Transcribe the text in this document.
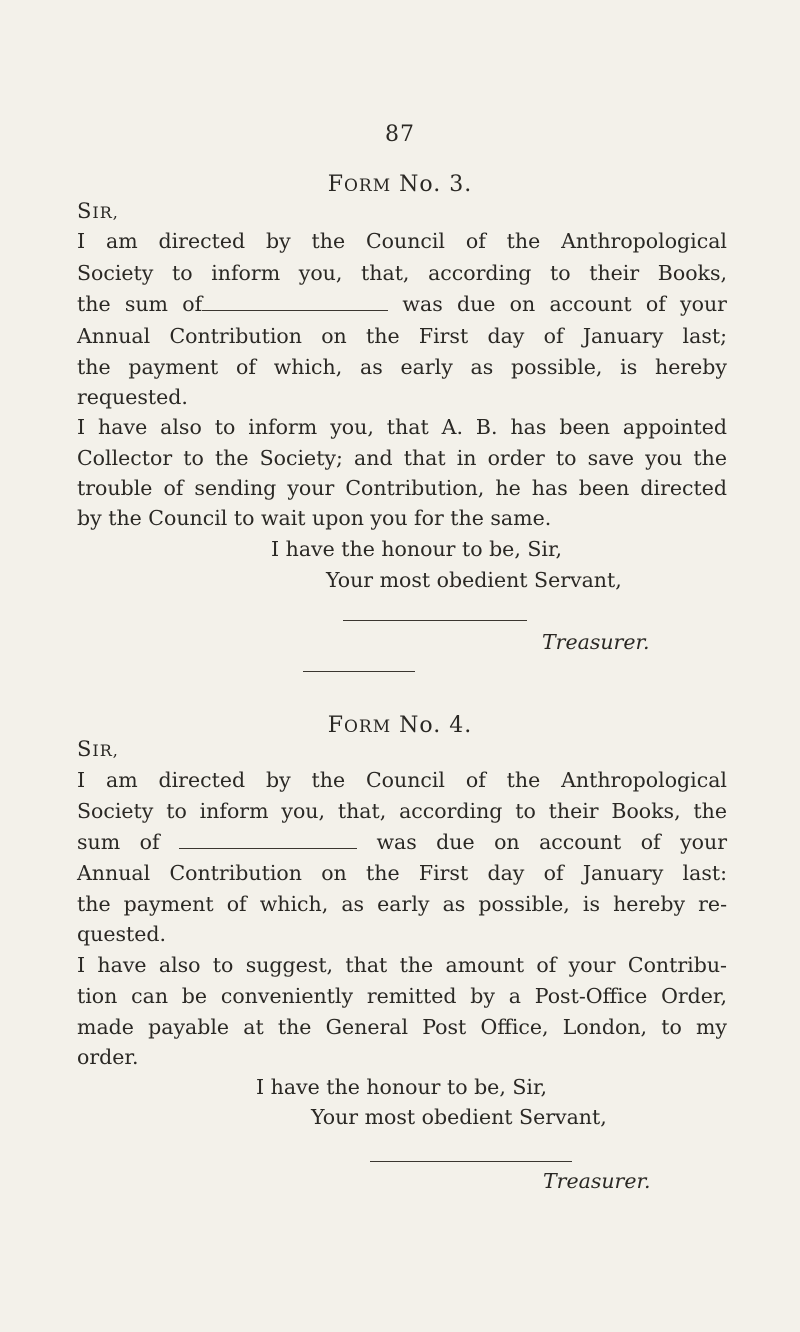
87
FORM No. 3.
SIR,
I am directed by the Council of the Anthropological
Society to inform you, that, according to their Books,
the sum of	was due on account of your
Annual Contribution on the First day of January last;
the payment of which, as early as possible, is hereby
requested.
I have also to inform you, that A. B. has been appointed
Collector to the Society; and that in order to save you the
trouble of sending your Contribution, he has been directed
by the Council to wait upon you for the same.
I have the honour to be, Sir,
Your most obedient Servant,
Treasurer.
FORM No. 4.
SIR,
I am directed by the Council of the Anthropological
Society to inform you, that, according to their Books, the
sum of	was due on account of your
Annual Contribution on the First day of January last:
the payment of which, as early as possible, is hereby re-
quested.
I have also to suggest, that the amount of your Contribu-
tion can be conveniently remitted by a Post-Office Order,
made payable at the General Post Office, London, to my
order.
I have the honour to be, Sir,
Your most obedient Servant,
Treasurer.
